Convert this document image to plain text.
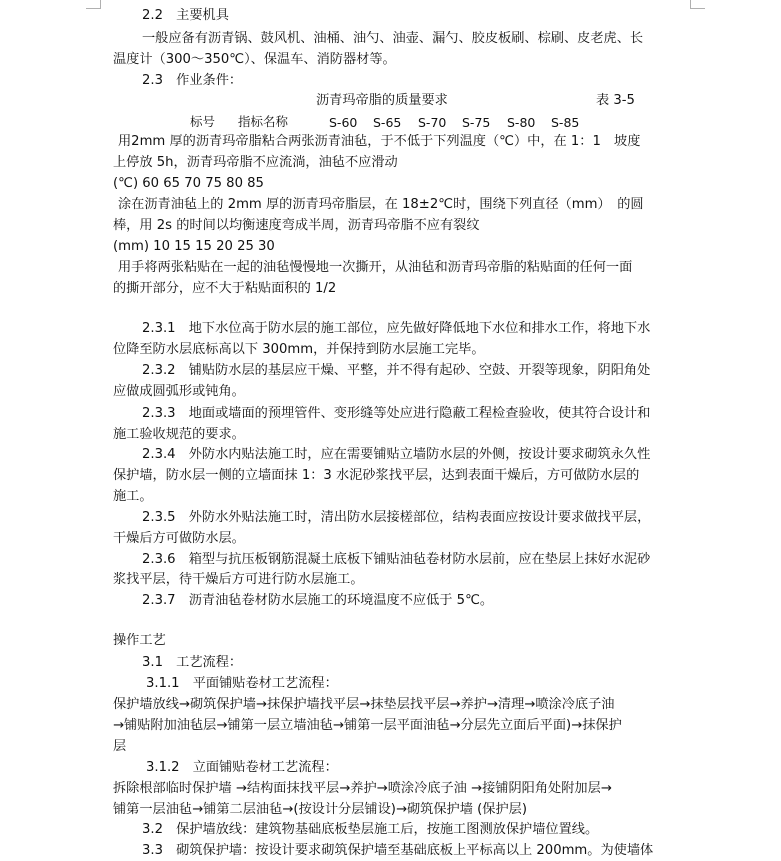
2.2　主要机具
一般应备有沥青锅、鼓风机、油桶、油勺、油壶、漏勺、胶皮板刷、棕刷、皮老虎、长
温度计（300～350℃）、保温车、消防器材等。
2.3　作业条件：
沥青玛帝脂的质量要求	表 3-5
标号 指标名称	S-60 S-65 S-70 S-75 S-80 S-85
用2mm 厚的沥青玛帝脂粘合两张沥青油毡，于不低于下列温度（℃）中，在 1：1　坡度
上停放 5h，沥青玛帝脂不应流淌，油毡不应滑动
(℃) 60 65 70 75 80 85
涂在沥青油毡上的 2mm 厚的沥青玛帝脂层，在 18±2℃时，围绕下列直径（mm）　的圆
棒，用 2s 的时间以均衡速度弯成半周，沥青玛帝脂不应有裂纹
(mm) 10 15 15 20 25 30
用手将两张粘贴在一起的油毡慢慢地一次撕开，从油毡和沥青玛帝脂的粘贴面的任何一面
的撕开部分，应不大于粘贴面积的 1/2
2.3.1　地下水位高于防水层的施工部位，应先做好降低地下水位和排水工作，将地下水
位降至防水层底标高以下 300mm，并保持到防水层施工完毕。
2.3.2　铺贴防水层的基层应干燥、平整，并不得有起砂、空鼓、开裂等现象，阴阳角处
应做成圆弧形或钝角。
2.3.3　地面或墙面的预埋管件、变形缝等处应进行隐蔽工程检查验收，使其符合设计和
施工验收规范的要求。
2.3.4　外防水内贴法施工时，应在需要铺贴立墙防水层的外侧，按设计要求砌筑永久性
保护墙，防水层一侧的立墙面抹 1：3 水泥砂浆找平层，达到表面干燥后，方可做防水层的
施工。
2.3.5　外防水外贴法施工时，清出防水层接槎部位，结构表面应按设计要求做找平层，
干燥后方可做防水层。
2.3.6　箱型与抗压板钢筋混凝土底板下铺贴油毡卷材防水层前，应在垫层上抹好水泥砂
浆找平层，待干燥后方可进行防水层施工。
2.3.7　沥青油毡卷材防水层施工的环境温度不应低于 5℃。
操作工艺
3.1　工艺流程：
3.1.1　平面铺贴卷材工艺流程：
保护墙放线→砌筑保护墙→抹保护墙找平层→抹垫层找平层→养护→清理→喷涂冷底子油
→铺贴附加油毡层→铺第一层立墙油毡→铺第一层平面油毡→分层先立面后平面)→抹保护
层
3.1.2　立面铺贴卷材工艺流程：
拆除根部临时保护墙 →结构面抹找平层→养护→喷涂冷底子油 →接铺阴阳角处附加层→
铺第一层油毡→铺第二层油毡→(按设计分层铺设)→砌筑保护墙 (保护层)
3.2　保护墙放线：建筑物基础底板垫层施工后，按施工图测放保护墙位置线。
3.3　砌筑保护墙：按设计要求砌筑保护墙至基础底板上平标高以上 200mm。为使墙体
